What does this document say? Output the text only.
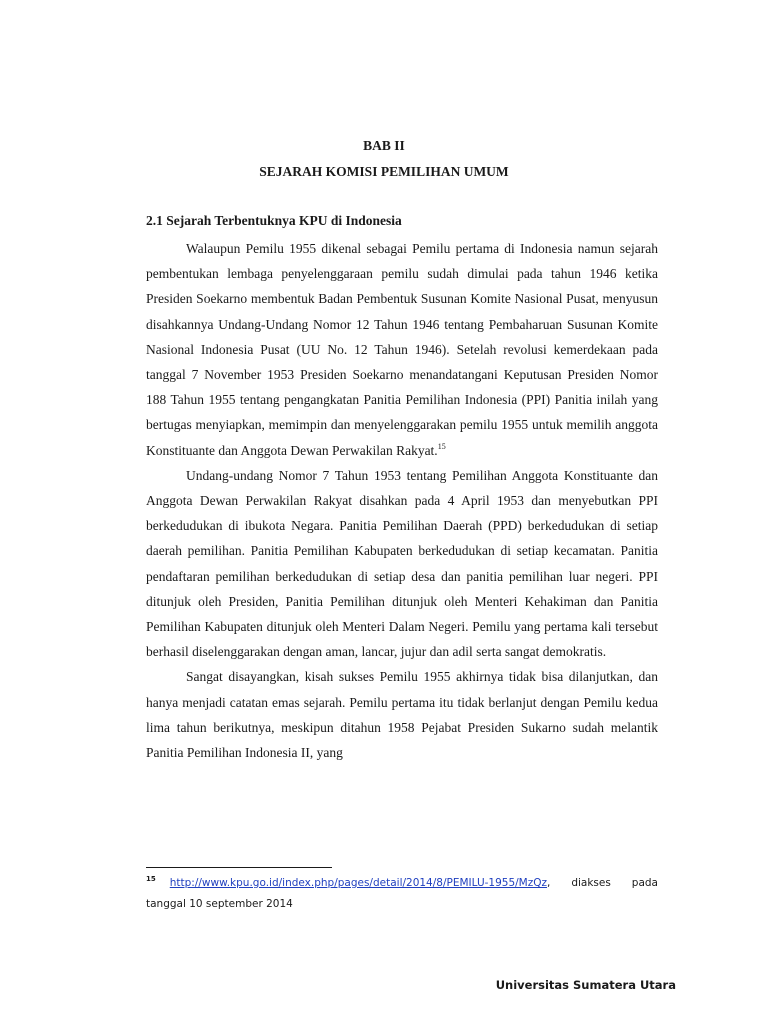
BAB II
SEJARAH KOMISI PEMILIHAN UMUM
2.1 Sejarah Terbentuknya KPU di Indonesia

Walaupun Pemilu 1955 dikenal sebagai Pemilu pertama di Indonesia namun sejarah pembentukan lembaga penyelenggaraan pemilu sudah dimulai pada tahun 1946 ketika Presiden Soekarno membentuk Badan Pembentuk Susunan Komite Nasional Pusat, menyusun disahkannya Undang-Undang Nomor 12 Tahun 1946 tentang Pembaharuan Susunan Komite Nasional Indonesia Pusat (UU No. 12 Tahun 1946). Setelah revolusi kemerdekaan pada tanggal 7 November 1953 Presiden Soekarno menandatangani Keputusan Presiden Nomor 188 Tahun 1955 tentang pengangkatan Panitia Pemilihan Indonesia (PPI) Panitia inilah yang bertugas menyiapkan, memimpin dan menyelenggarakan pemilu 1955 untuk memilih anggota Konstituante dan Anggota Dewan Perwakilan Rakyat.$^{15}$

Undang-undang Nomor 7 Tahun 1953 tentang Pemilihan Anggota Konstituante dan Anggota Dewan Perwakilan Rakyat disahkan pada 4 April 1953 dan menyebutkan PPI berkedudukan di ibukota Negara. Panitia Pemilihan Daerah (PPD) berkedudukan di setiap daerah pemilihan. Panitia Pemilihan Kabupaten berkedudukan di setiap kecamatan. Panitia pendaftaran pemilihan berkedudukan di setiap desa dan panitia pemilihan luar negeri. PPI ditunjuk oleh Presiden, Panitia Pemilihan ditunjuk oleh Menteri Kehakiman dan Panitia Pemilihan Kabupaten ditunjuk oleh Menteri Dalam Negeri. Pemilu yang pertama kali tersebut berhasil diselenggarakan dengan aman, lancar, jujur dan adil serta sangat demokratis.

Sangat disayangkan, kisah sukses Pemilu 1955 akhirnya tidak bisa dilanjutkan, dan hanya menjadi catatan emas sejarah. Pemilu pertama itu tidak berlanjut dengan Pemilu kedua lima tahun berikutnya, meskipun ditahun 1958 Pejabat Presiden Sukarno sudah melantik Panitia Pemilihan Indonesia II, yang

$^{15}$ http://www.kpu.go.id/index.php/pages/detail/2014/8/PEMILU-1955/MzQz, diakses pada tanggal 10 september 2014
Universitas Sumatera Utara
